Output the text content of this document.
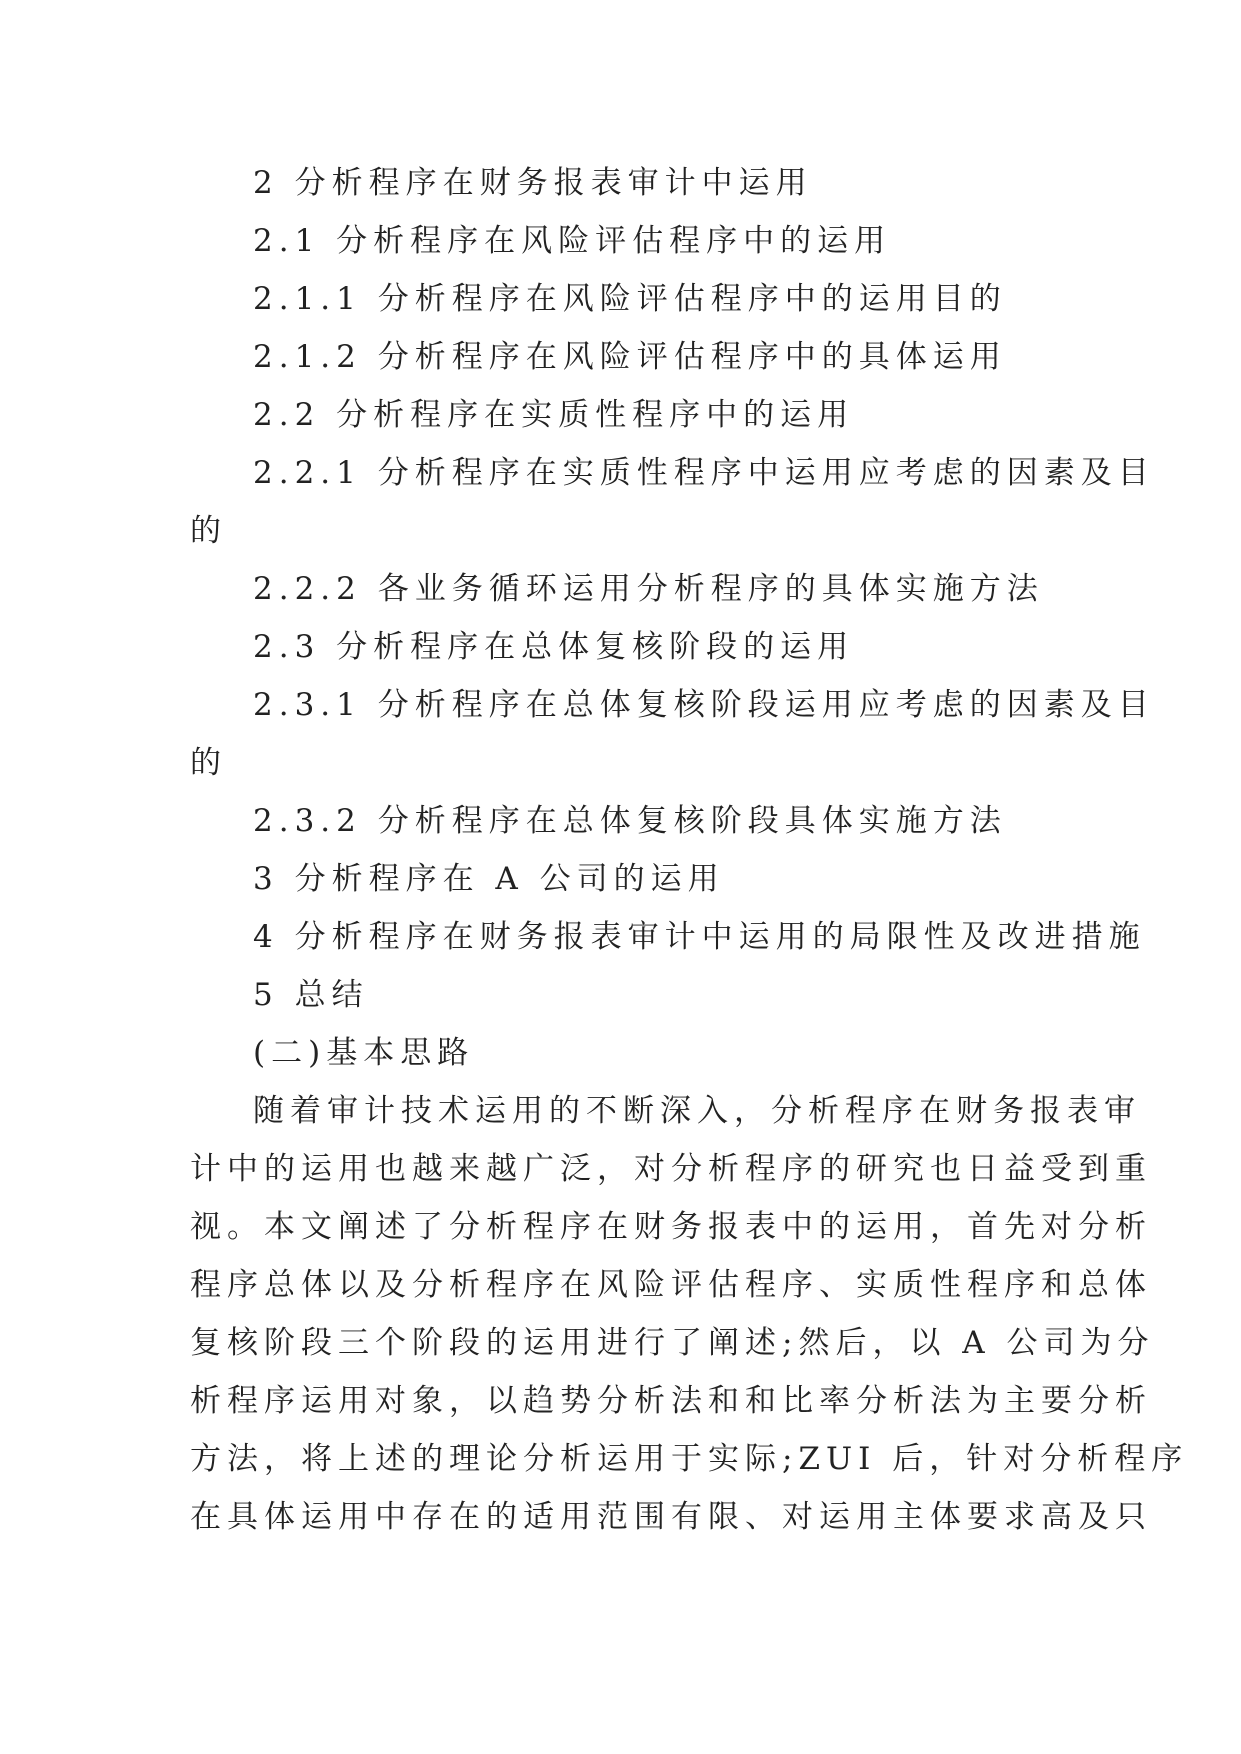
2 分析程序在财务报表审计中运用
2.1 分析程序在风险评估程序中的运用
2.1.1 分析程序在风险评估程序中的运用目的
2.1.2 分析程序在风险评估程序中的具体运用
2.2 分析程序在实质性程序中的运用
2.2.1 分析程序在实质性程序中运用应考虑的因素及目
的
2.2.2 各业务循环运用分析程序的具体实施方法
2.3 分析程序在总体复核阶段的运用
2.3.1 分析程序在总体复核阶段运用应考虑的因素及目
的
2.3.2 分析程序在总体复核阶段具体实施方法
3 分析程序在 A 公司的运用
4 分析程序在财务报表审计中运用的局限性及改进措施
5 总结
(二)基本思路
随着审计技术运用的不断深入，分析程序在财务报表审
计中的运用也越来越广泛，对分析程序的研究也日益受到重
视。本文阐述了分析程序在财务报表中的运用，首先对分析
程序总体以及分析程序在风险评估程序、实质性程序和总体
复核阶段三个阶段的运用进行了阐述;然后，以 A 公司为分
析程序运用对象，以趋势分析法和和比率分析法为主要分析
方法，将上述的理论分析运用于实际;ZUI 后，针对分析程序
在具体运用中存在的适用范围有限、对运用主体要求高及只
